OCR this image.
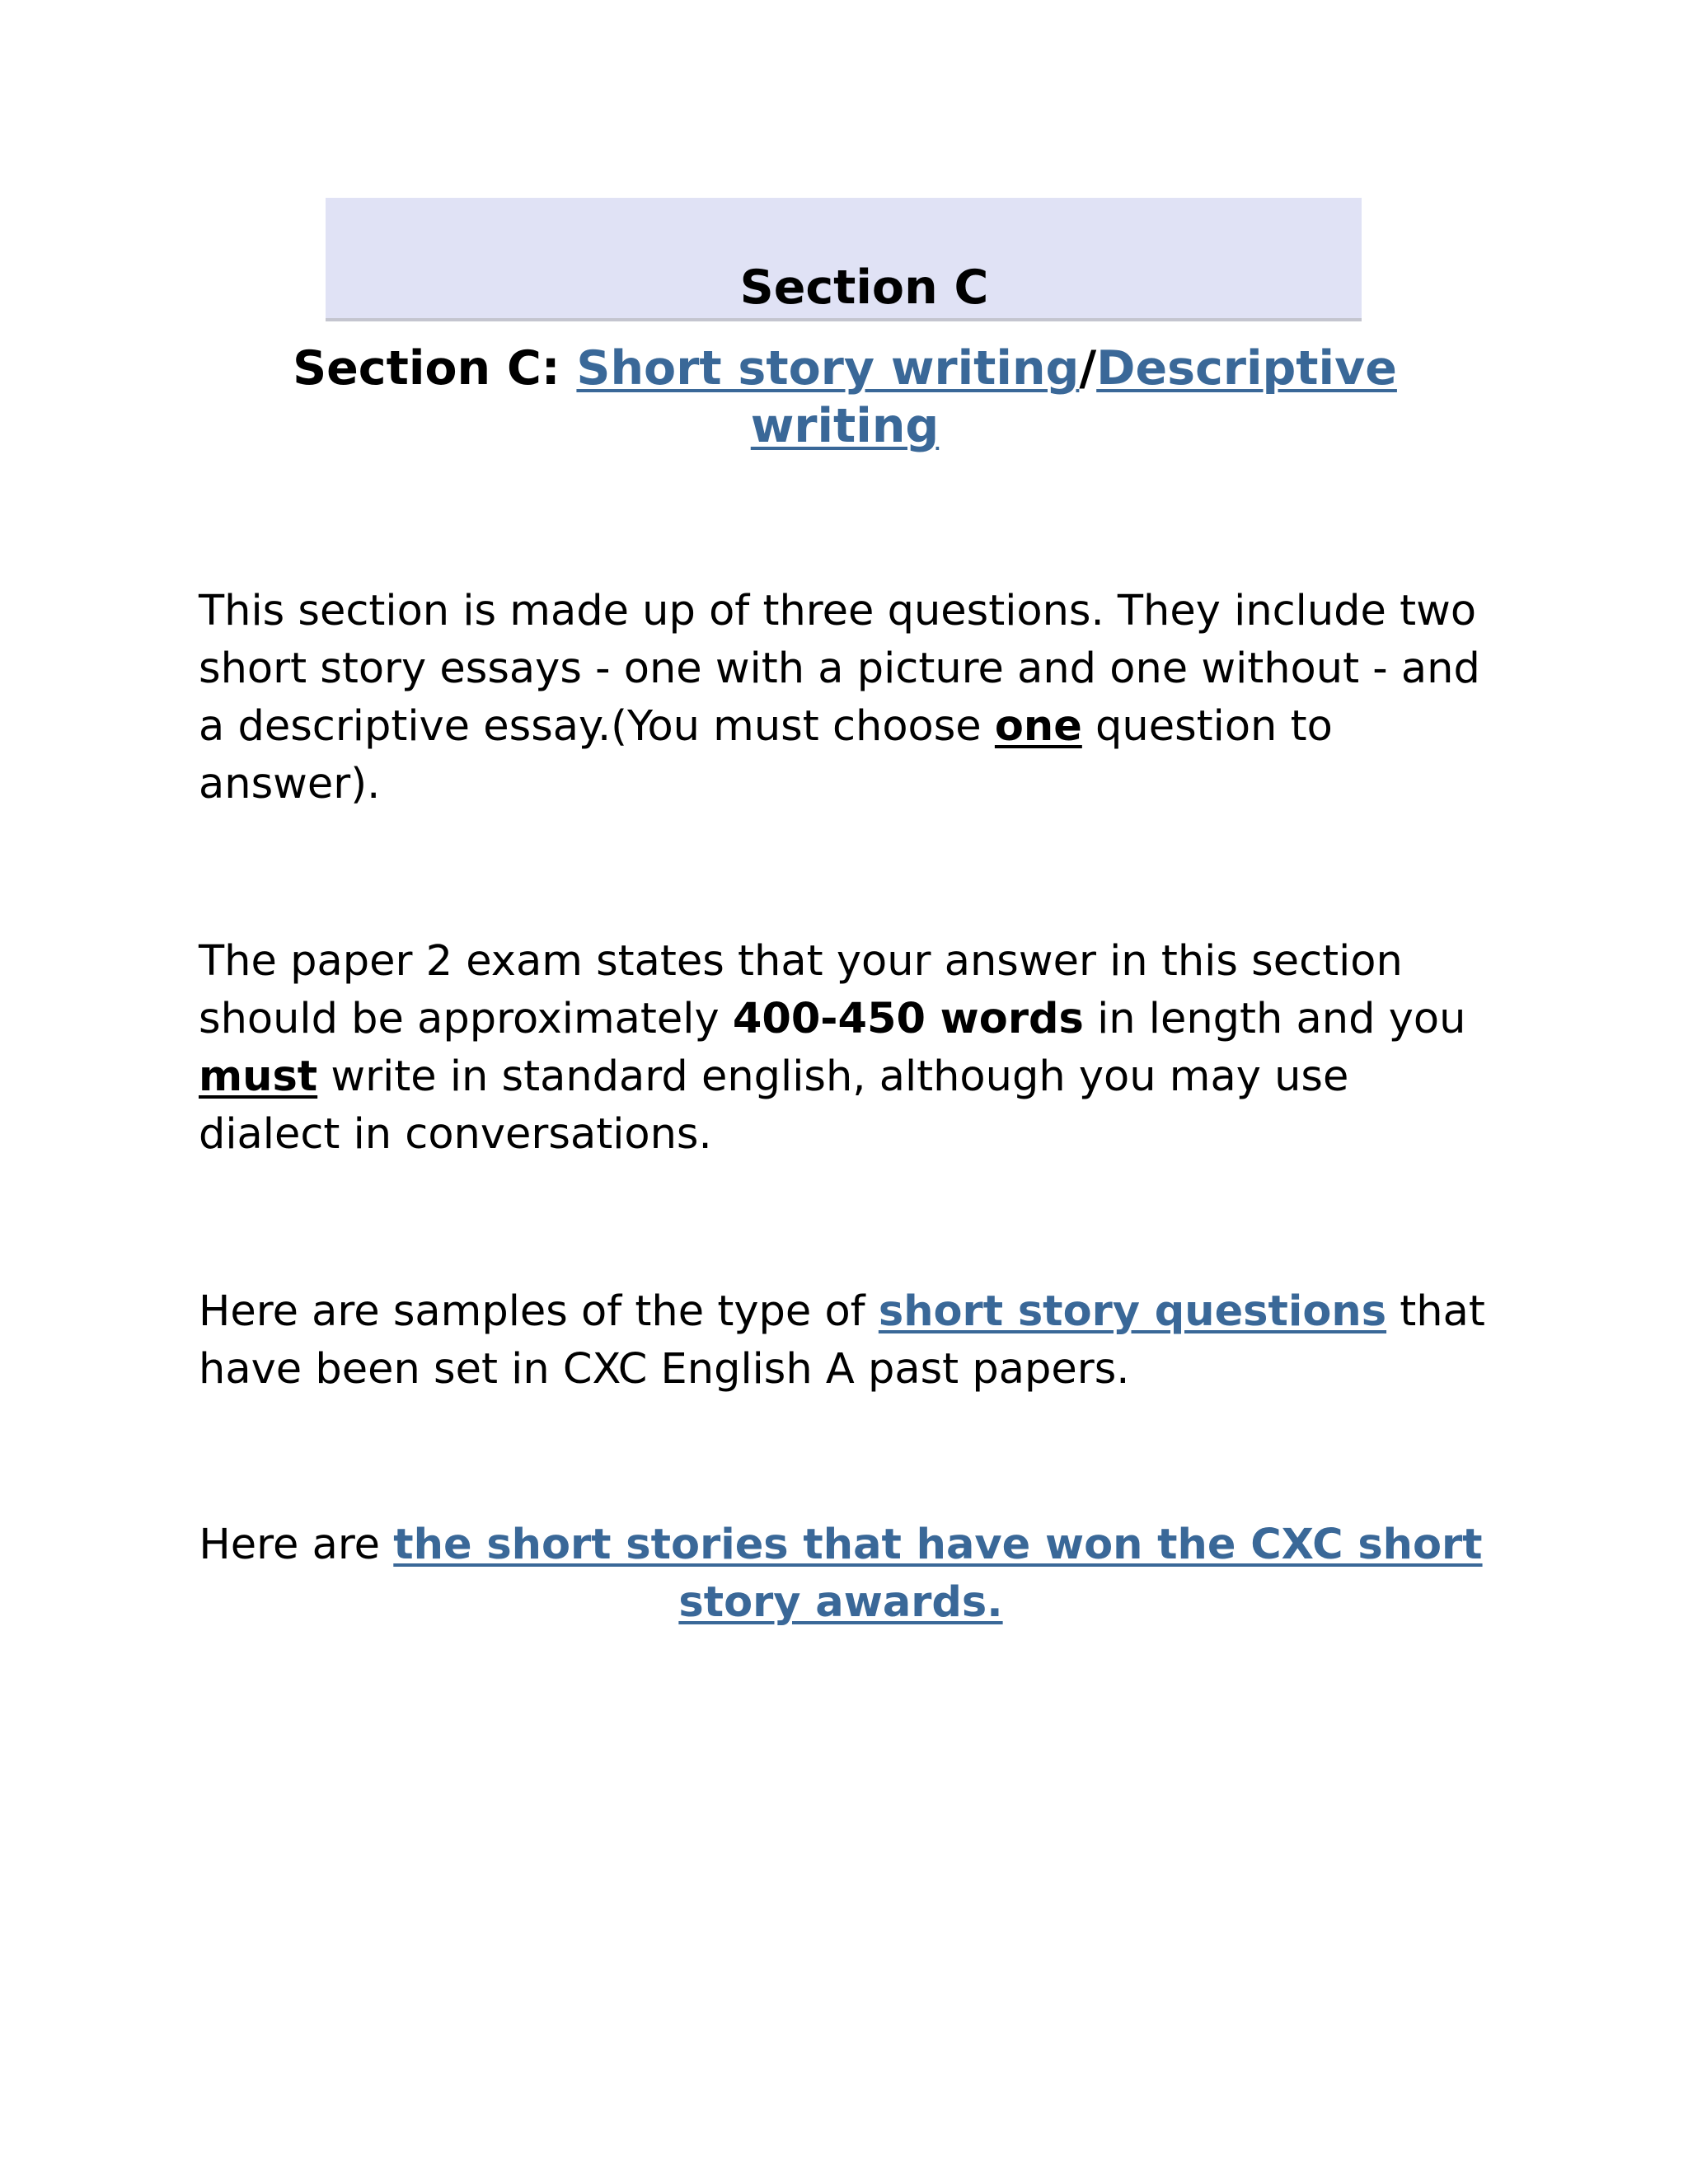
Section C
Section C: Short story writing/Descriptive writing

This section is made up of three questions. They include two short story essays - one with a picture and one without - and a descriptive essay.(You must choose one question to answer).

The paper 2 exam states that your answer in this section should be approximately 400-450 words in length and you must write in standard english, although you may use dialect in conversations.

Here are samples of the type of short story questions that have been set in CXC English A past papers.

Here are the short stories that have won the CXC short story awards.
